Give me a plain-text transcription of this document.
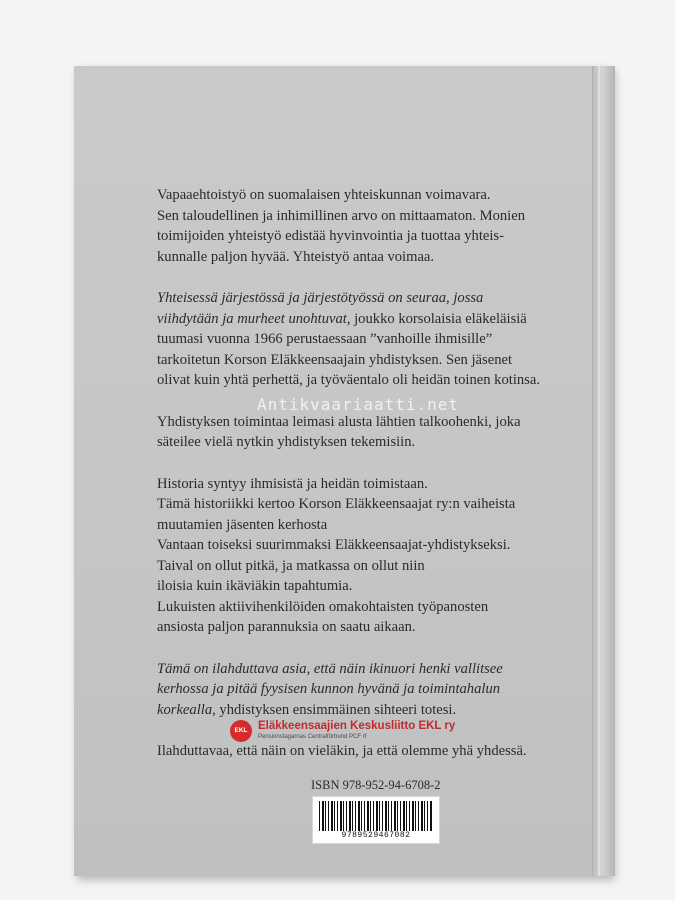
Vapaaehtoistyö on suomalaisen yhteiskunnan voimavara.
Sen taloudellinen ja inhimillinen arvo on mittaamaton. Monien
toimijoiden yhteistyö edistää hyvinvointia ja tuottaa yhteis-
kunnalle paljon hyvää. Yhteistyö antaa voimaa.

Yhteisessä järjestössä ja järjestötyössä on seuraa, jossa
viihdytään ja murheet unohtuvat, joukko korsolaisia eläkeläisiä
tuumasi vuonna 1966 perustaessaan ”vanhoille ihmisille”
tarkoitetun Korson Eläkkeensaajain yhdistyksen. Sen jäsenet
olivat kuin yhtä perhettä, ja työväentalo oli heidän toinen kotinsa.

Yhdistyksen toimintaa leimasi alusta lähtien talkoohenki, joka
säteilee vielä nytkin yhdistyksen tekemisiin.

Historia syntyy ihmisistä ja heidän toimistaan.
Tämä historiikki kertoo Korson Eläkkeensaajat ry:n vaiheista
muutamien jäsenten kerhosta
Vantaan toiseksi suurimmaksi Eläkkeensaajat-yhdistykseksi.
Taival on ollut pitkä, ja matkassa on ollut niin
iloisia kuin ikäviäkin tapahtumia.
Lukuisten aktiivihenkilöiden omakohtaisten työpanosten
ansiosta paljon parannuksia on saatu aikaan.

Tämä on ilahduttava asia, että näin ikinuori henki vallitsee
kerhossa ja pitää fyysisen kunnon hyvänä ja toimintahalun
korkealla, yhdistyksen ensimmäinen sihteeri totesi.

Ilahduttavaa, että näin on vieläkin, ja että olemme yhä yhdessä.

Antikvaariaatti.net
EKL Eläkkeensaajien Keskusliitto EKL ry
Pensionstagarnas Centralförbund PCF rf
ISBN 978-952-94-6708-2
9789529467082
